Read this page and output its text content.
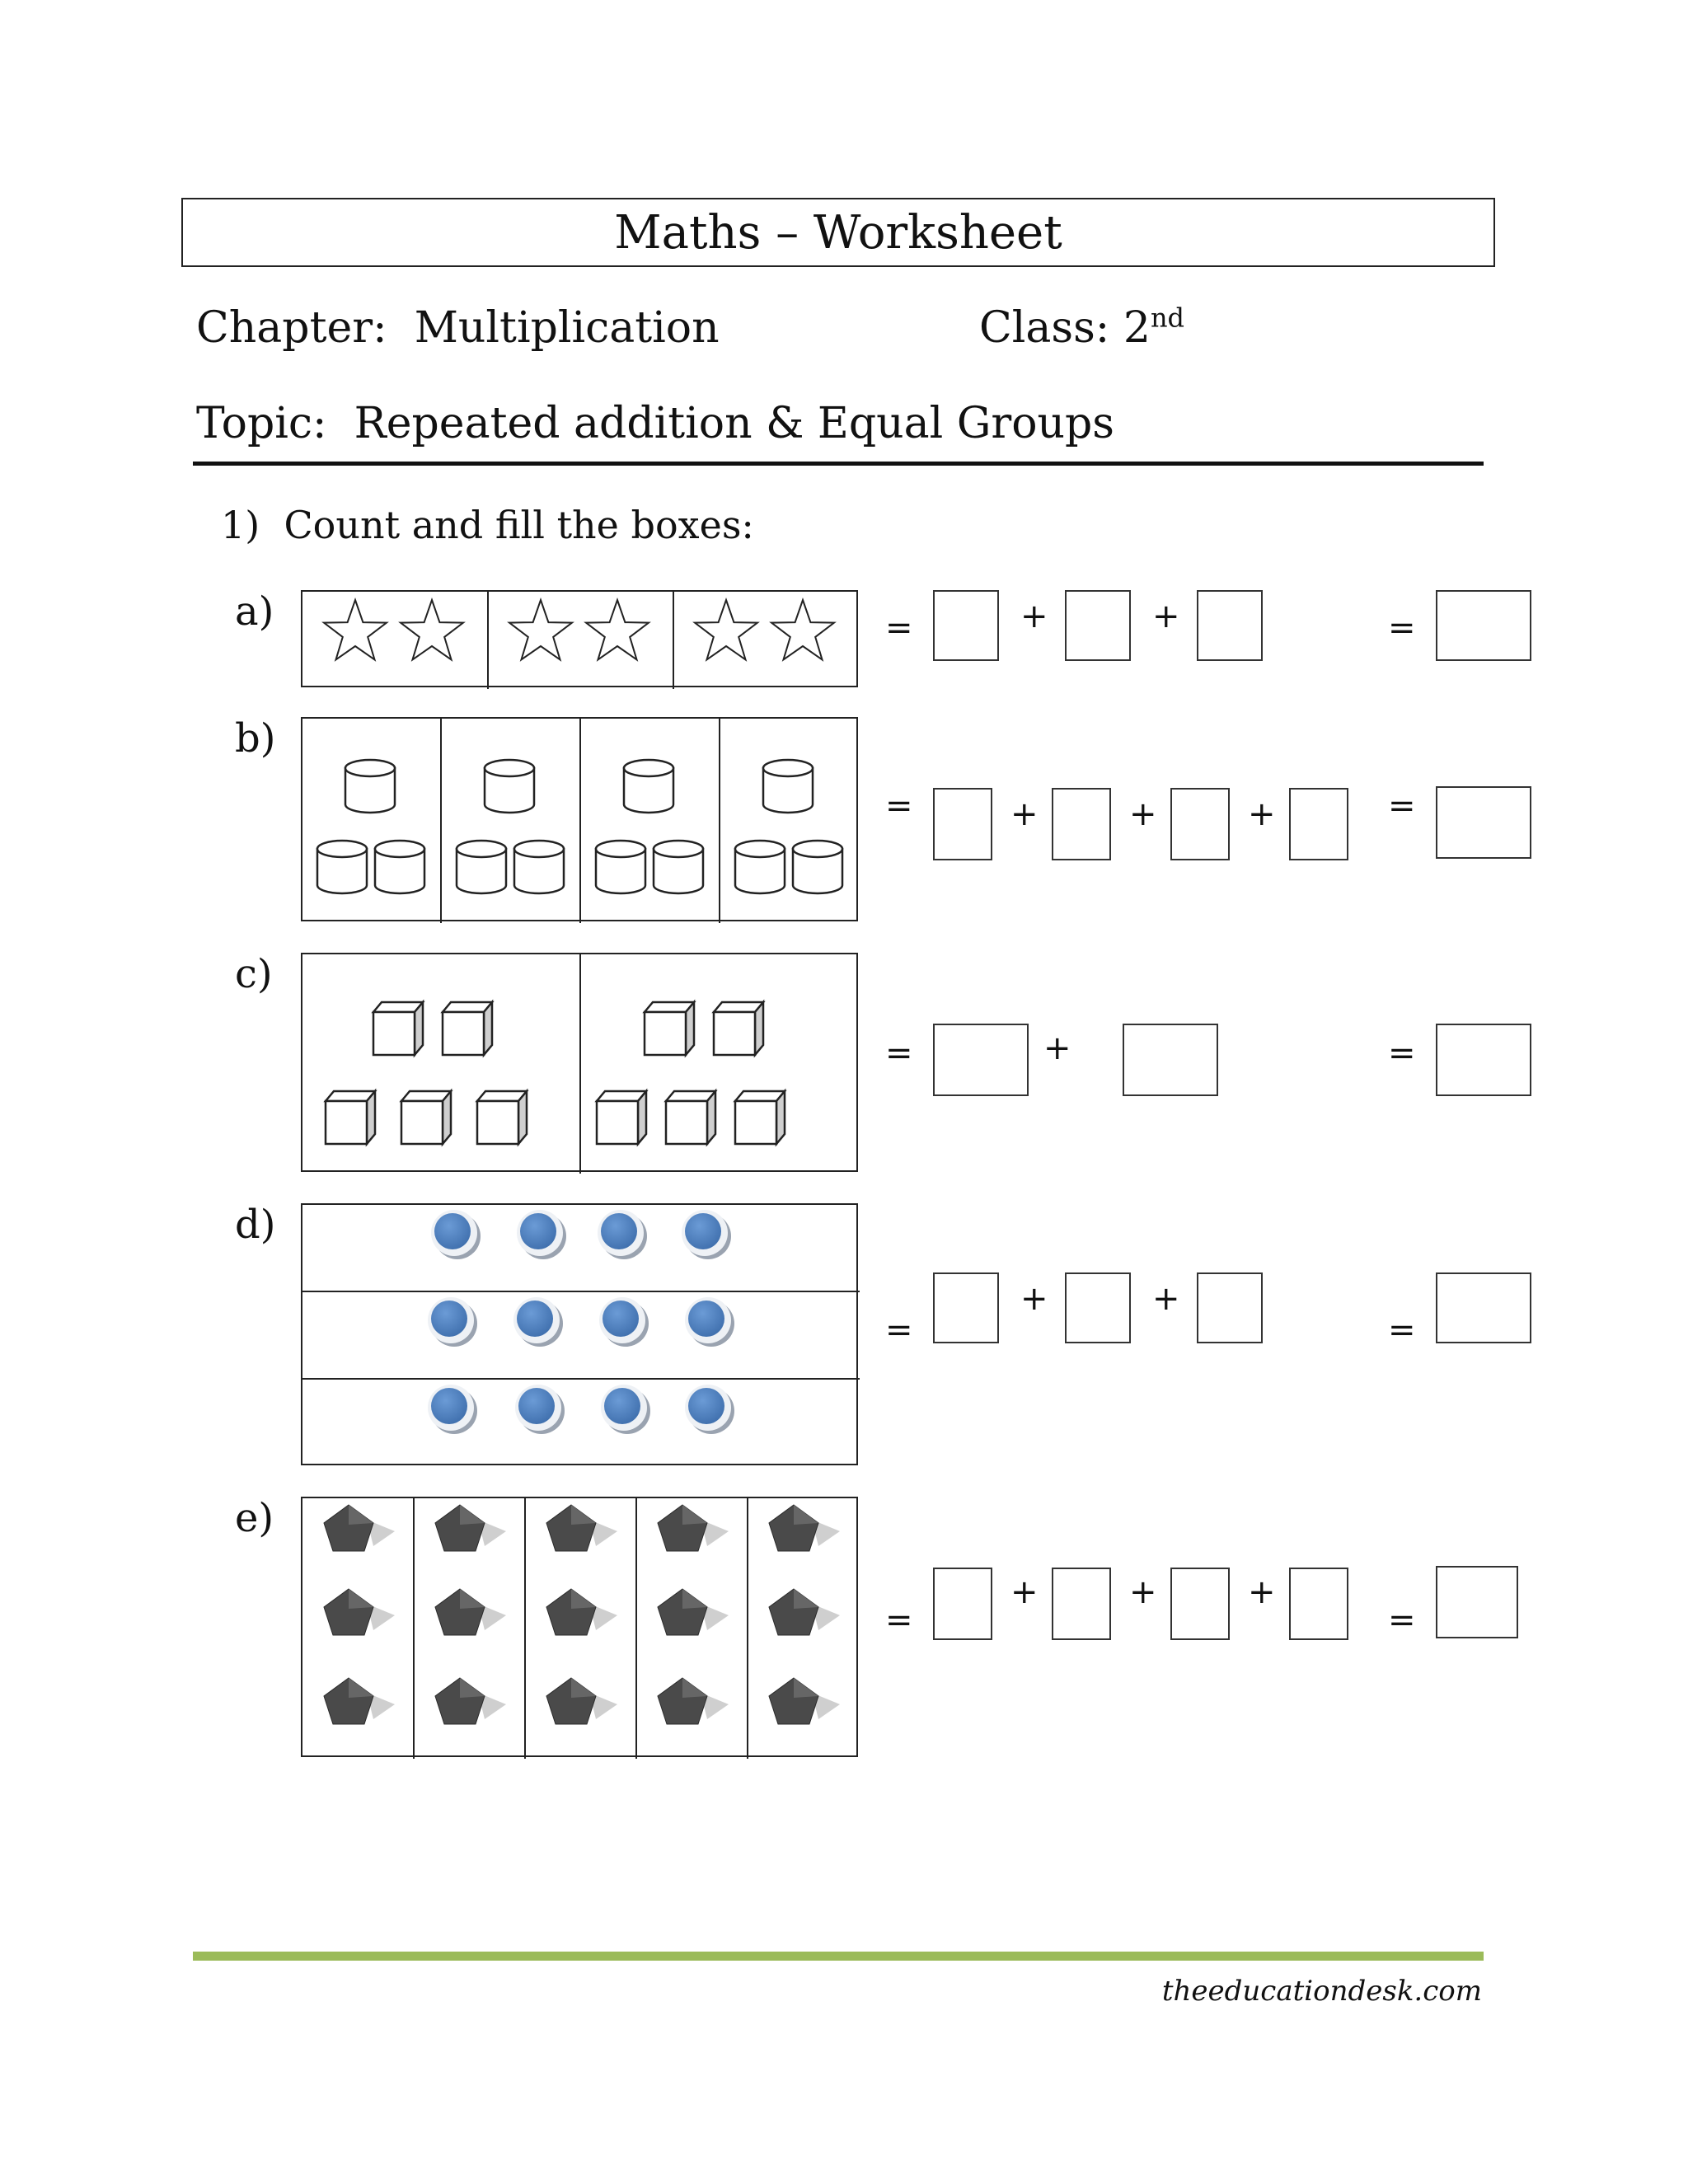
Maths – Worksheet
Chapter: Multiplication	Class: 2nd
Topic: Repeated addition & Equal Groups
1) Count and fill the boxes:
a)	=	+	+	=
b)
=	+	+	+	=
c)
=	+	=
d)
=
+	+
=
e)
=
+	+	+
=
theeducationdesk.com
